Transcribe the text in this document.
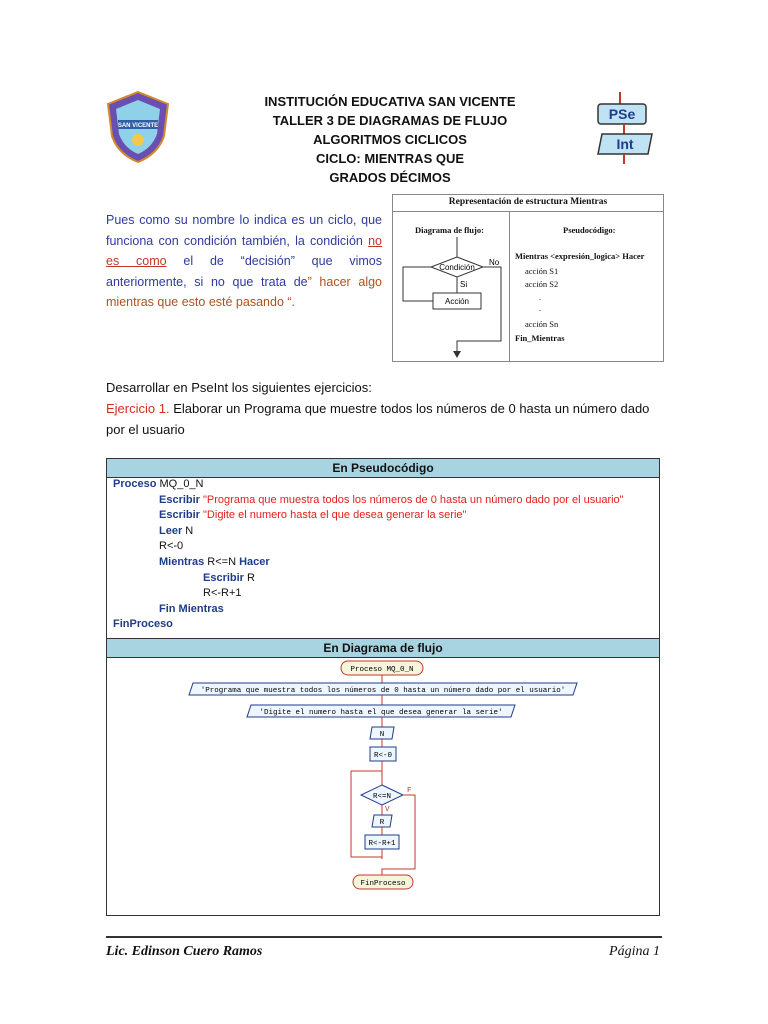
SAN VICENTE
PSe
Int
INSTITUCIÓN EDUCATIVA SAN VICENTE
TALLER 3 DE DIAGRAMAS DE FLUJO
ALGORITMOS CICLICOS
CICLO: MIENTRAS QUE
GRADOS DÉCIMOS
Pues como su nombre lo indica es un ciclo, que funciona con condición también, la condición no es como el de “decisión” que vimos anteriormente, si no que trata de” hacer algo mientras que esto esté pasando “.
Representación de estructura Mientras
Diagrama de flujo:	Pseudocódigo:
Condición
No
Si
Acción
Mientras <expresión_logica> Hacer
acción S1
acción S2
.
.
acción Sn
Fin_Mientras
Desarrollar en PseInt los siguientes ejercicios:
Ejercicio 1. Elaborar un Programa que muestre todos los números de 0 hasta un número dado por el usuario
En Pseudocódigo
Proceso MQ_0_N
Escribir "Programa que muestra todos los números de 0 hasta un número dado por el usuario"
Escribir "Digite el numero hasta el que desea generar la serie"
Leer N
R<-0
Mientras R<=N Hacer
Escribir R
R<-R+1
Fin Mientras
FinProceso
En Diagrama de flujo
Proceso MQ_0_N
'Programa que muestra todos los números de 0 hasta un número dado por el usuario'
'Digite el numero hasta el que desea generar la serie'
N
R<-0
R<=N
V
F
R
R<-R+1
FinProceso
Lic. Edinson Cuero Ramos	Página 1
